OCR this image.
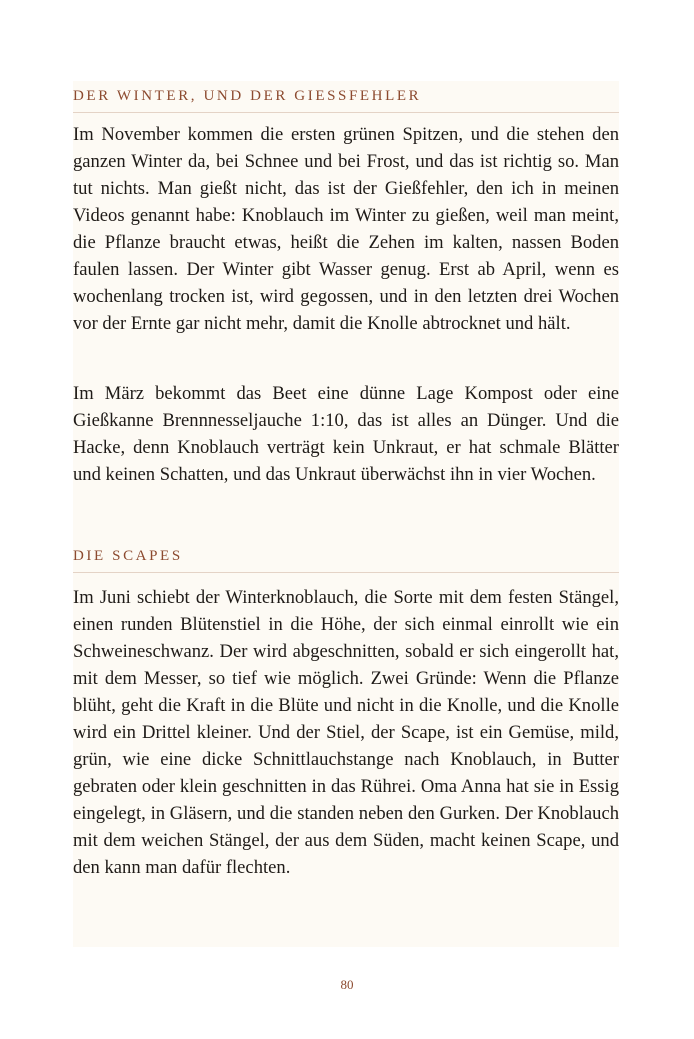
DER WINTER, UND DER GIESSFEHLER

Im November kommen die ersten grünen Spitzen, und die stehen den ganzen Winter da, bei Schnee und bei Frost, und das ist richtig so. Man tut nichts. Man gießt nicht, das ist der Gießfehler, den ich in meinen Videos genannt habe: Knoblauch im Winter zu gießen, weil man meint, die Pflanze braucht etwas, heißt die Zehen im kalten, nassen Boden faulen lassen. Der Winter gibt Wasser genug. Erst ab April, wenn es wochenlang trocken ist, wird gegossen, und in den letzten drei Wochen vor der Ernte gar nicht mehr, damit die Knolle abtrocknet und hält.

Im März bekommt das Beet eine dünne Lage Kompost oder eine Gießkanne Brennnesseljauche 1:10, das ist alles an Dünger. Und die Hacke, denn Knoblauch verträgt kein Unkraut, er hat schmale Blätter und keinen Schatten, und das Unkraut überwächst ihn in vier Wochen.

DIE SCAPES

Im Juni schiebt der Winterknoblauch, die Sorte mit dem festen Stängel, einen runden Blütenstiel in die Höhe, der sich einmal einrollt wie ein Schweineschwanz. Der wird abgeschnitten, sobald er sich eingerollt hat, mit dem Messer, so tief wie möglich. Zwei Gründe: Wenn die Pflanze blüht, geht die Kraft in die Blüte und nicht in die Knolle, und die Knolle wird ein Drittel kleiner. Und der Stiel, der Scape, ist ein Gemüse, mild, grün, wie eine dicke Schnittlauchstange nach Knoblauch, in Butter gebraten oder klein geschnitten in das Rührei. Oma Anna hat sie in Essig eingelegt, in Gläsern, und die standen neben den Gurken. Der Knoblauch mit dem weichen Stängel, der aus dem Süden, macht keinen Scape, und den kann man dafür flechten.

80
